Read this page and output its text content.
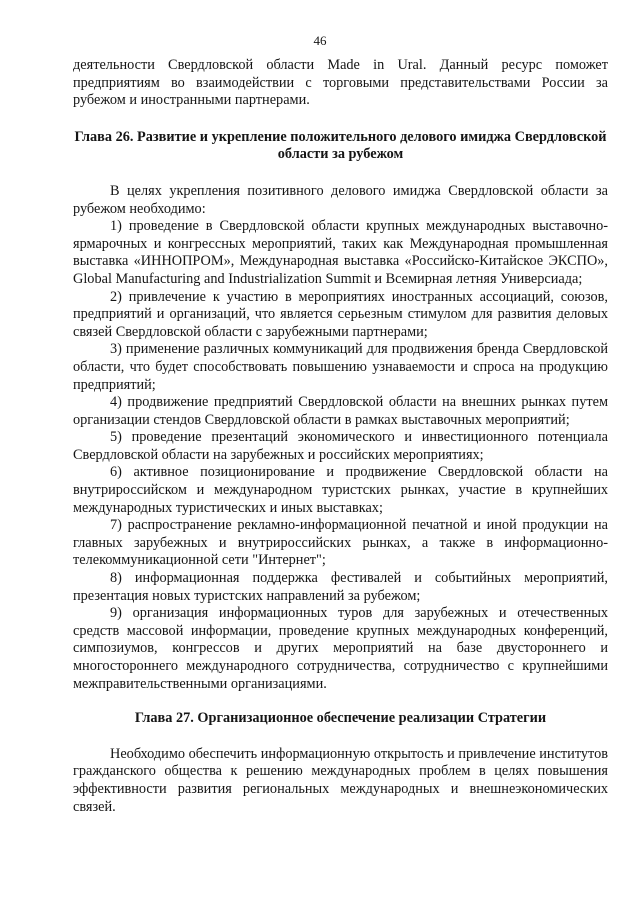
46

деятельности Свердловской области Made in Ural. Данный ресурс поможет предприятиям во взаимодействии с торговыми представительствами России за рубежом и иностранными партнерами.

Глава 26. Развитие и укрепление положительного делового имиджа Свердловской области за рубежом

В целях укрепления позитивного делового имиджа Свердловской области за рубежом необходимо:

1) проведение в Свердловской области крупных международных выставочно-ярмарочных и конгрессных мероприятий, таких как Международная промышленная выставка «ИННОПРОМ», Международная выставка «Российско-Китайское ЭКСПО», Global Manufacturing and Industrialization Summit и Всемирная летняя Универсиада;

2) привлечение к участию в мероприятиях иностранных ассоциаций, союзов, предприятий и организаций, что является серьезным стимулом для развития деловых связей Свердловской области с зарубежными партнерами;

3) применение различных коммуникаций для продвижения бренда Свердловской области, что будет способствовать повышению узнаваемости и спроса на продукцию предприятий;

4) продвижение предприятий Свердловской области на внешних рынках путем организации стендов Свердловской области в рамках выставочных мероприятий;

5) проведение презентаций экономического и инвестиционного потенциала Свердловской области на зарубежных и российских мероприятиях;

6) активное позиционирование и продвижение Свердловской области на внутрироссийском и международном туристских рынках, участие в крупнейших международных туристических и иных выставках;

7) распространение рекламно-информационной печатной и иной продукции на главных зарубежных и внутрироссийских рынках, а также в информационно-телекоммуникационной сети "Интернет";

8) информационная поддержка фестивалей и событийных мероприятий, презентация новых туристских направлений за рубежом;

9) организация информационных туров для зарубежных и отечественных средств массовой информации, проведение крупных международных конференций, симпозиумов, конгрессов и других мероприятий на базе двустороннего и многостороннего международного сотрудничества, сотрудничество с крупнейшими межправительственными организациями.

Глава 27. Организационное обеспечение реализации Стратегии

Необходимо обеспечить информационную открытость и привлечение институтов гражданского общества к решению международных проблем в целях повышения эффективности развития региональных международных и внешнеэкономических связей.
